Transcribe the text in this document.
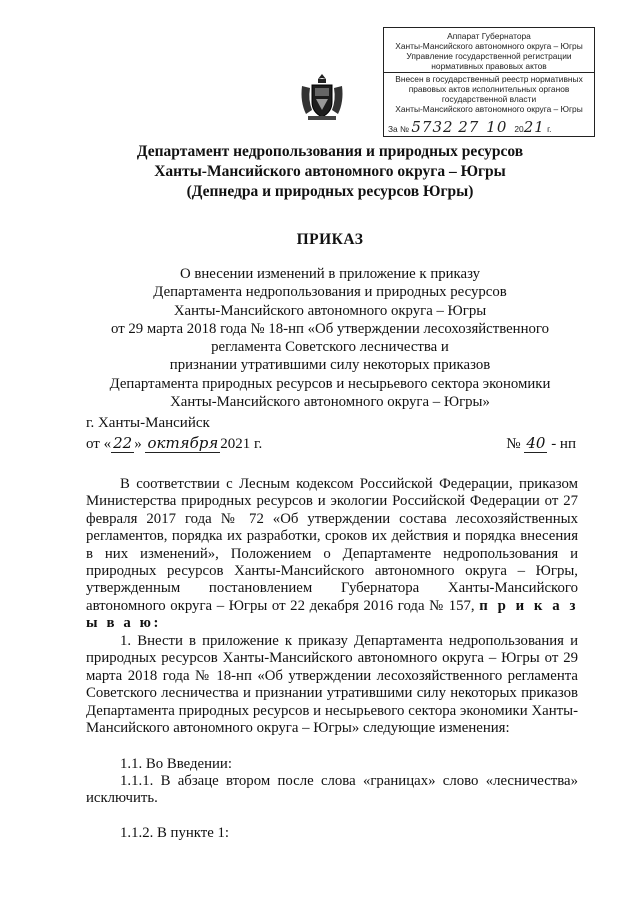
Аппарат Губернатора
Ханты-Мансийского автономного округа – Югры
Управление государственной регистрации
нормативных правовых актов
Внесен в государственный реестр нормативных
правовых актов исполнительных органов
государственной власти
Ханты-Мансийского автономного округа – Югры
За № 5732 27 10 2021 г.
Департамент недропользования и природных ресурсов
Ханты-Мансийского автономного округа – Югры
(Депнедра и природных ресурсов Югры)
ПРИКАЗ
О внесении изменений в приложение к приказу
Департамента недропользования и природных ресурсов
Ханты-Мансийского автономного округа – Югры
от 29 марта 2018 года № 18-нп «Об утверждении лесохозяйственного
регламента Советского лесничества и
признании утратившими силу некоторых приказов
Департамента природных ресурсов и несырьевого сектора экономики
Ханты-Мансийского автономного округа – Югры»
г. Ханты-Мансийск
от « 22 » октября 2021 г.	№ 40 - нп
В соответствии с Лесным кодексом Российской Федерации, приказом Министерства природных ресурсов и экологии Российской Федерации от 27 февраля 2017 года № 72 «Об утверждении состава лесохозяйственных регламентов, порядка их разработки, сроков их действия и порядка внесения в них изменений», Положением о Департаменте недропользования и природных ресурсов Ханты-Мансийского автономного округа – Югры, утвержденным постановлением Губернатора Ханты-Мансийского автономного округа – Югры от 22 декабря 2016 года № 157, п р и к а з ы в а ю:
1. Внести в приложение к приказу Департамента недропользования и природных ресурсов Ханты-Мансийского автономного округа – Югры от 29 марта 2018 года № 18-нп «Об утверждении лесохозяйственного регламента Советского лесничества и признании утратившими силу некоторых приказов Департамента природных ресурсов и несырьевого сектора экономики Ханты-Мансийского автономного округа – Югры» следующие изменения:
1.1. Во Введении:
1.1.1. В абзаце втором после слова «границах» слово «лесничества» исключить.
1.1.2. В пункте 1:
